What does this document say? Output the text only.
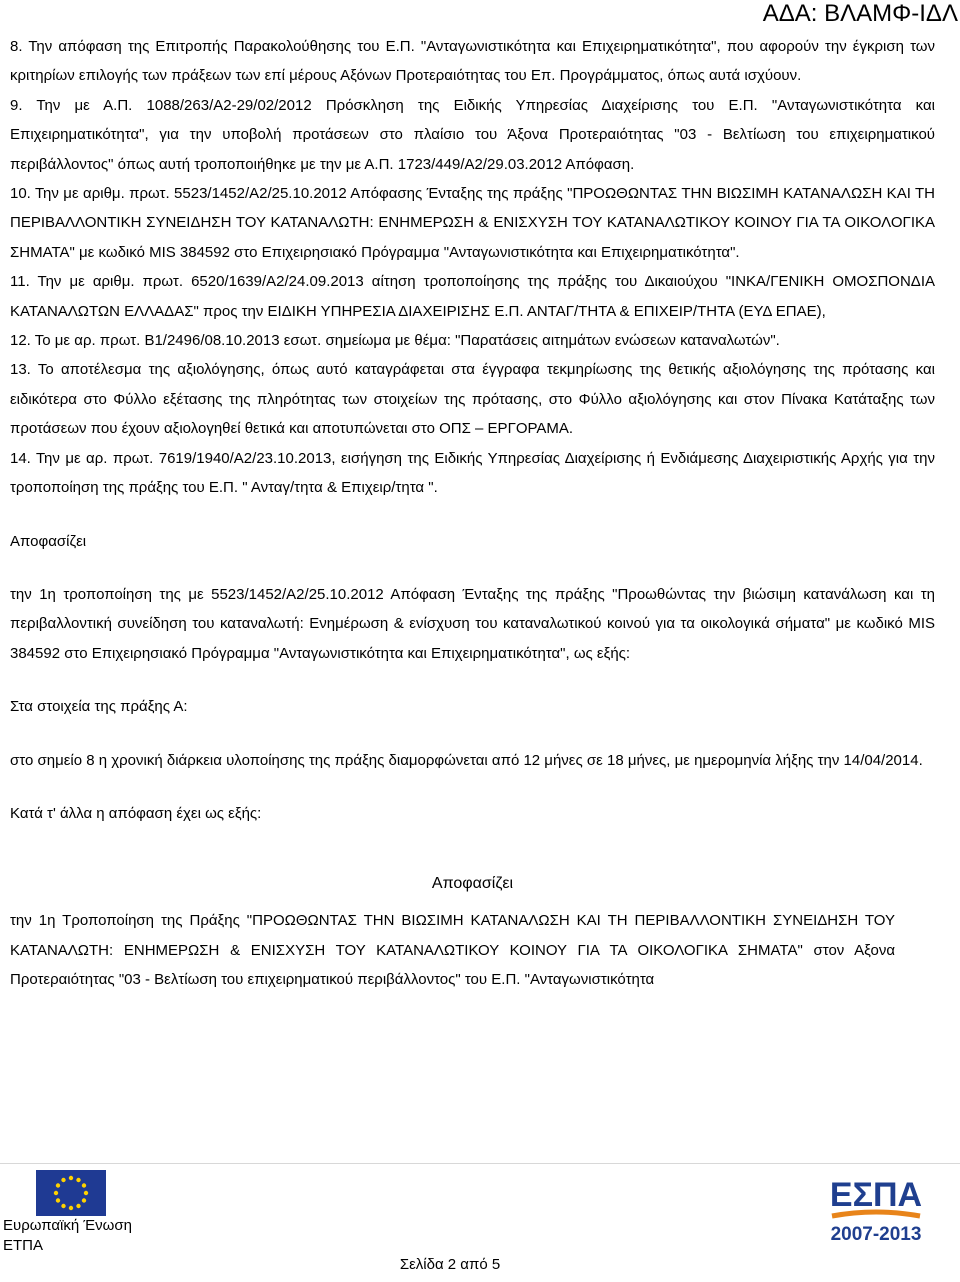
ΑΔΑ: ΒΛΑΜΦ-ΙΔΛ

8. Την απόφαση της Επιτροπής Παρακολούθησης του Ε.Π. "Ανταγωνιστικότητα και Επιχειρηματικότητα", που αφορούν την έγκριση των κριτηρίων επιλογής των πράξεων των επί μέρους Αξόνων Προτεραιότητας του Επ. Προγράμματος, όπως αυτά ισχύουν.

9. Την με Α.Π. 1088/263/Α2-29/02/2012 Πρόσκληση της Ειδικής Υπηρεσίας Διαχείρισης του Ε.Π. "Ανταγωνιστικότητα και Επιχειρηματικότητα", για την υποβολή προτάσεων στο πλαίσιο του Άξονα Προτεραιότητας "03 - Βελτίωση του επιχειρηματικού περιβάλλοντος" όπως αυτή τροποποιήθηκε με την με Α.Π. 1723/449/Α2/29.03.2012 Απόφαση.

10. Την με αριθμ. πρωτ. 5523/1452/Α2/25.10.2012 Απόφασης Ένταξης της πράξης "ΠΡΟΩΘΩΝΤΑΣ ΤΗΝ ΒΙΩΣΙΜΗ ΚΑΤΑΝΑΛΩΣΗ ΚΑΙ ΤΗ ΠΕΡΙΒΑΛΛΟΝΤΙΚΗ ΣΥΝΕΙΔΗΣΗ ΤΟΥ ΚΑΤΑΝΑΛΩΤΗ: ΕΝΗΜΕΡΩΣΗ & ΕΝΙΣΧΥΣΗ ΤΟΥ ΚΑΤΑΝΑΛΩΤΙΚΟΥ ΚΟΙΝΟΥ ΓΙΑ ΤΑ ΟΙΚΟΛΟΓΙΚΑ ΣΗΜΑΤΑ" με κωδικό MIS 384592 στο Επιχειρησιακό Πρόγραμμα "Ανταγωνιστικότητα και Επιχειρηματικότητα".

11. Την με αριθμ. πρωτ. 6520/1639/Α2/24.09.2013 αίτηση τροποποίησης της πράξης του Δικαιούχου "ΙΝΚΑ/ΓΕΝΙΚΗ ΟΜΟΣΠΟΝΔΙΑ ΚΑΤΑΝΑΛΩΤΩΝ ΕΛΛΑΔΑΣ" προς την ΕΙΔΙΚΗ ΥΠΗΡΕΣΙΑ ΔΙΑΧΕΙΡΙΣΗΣ Ε.Π. ΑΝΤΑΓ/ΤΗΤΑ & ΕΠΙΧΕΙΡ/ΤΗΤΑ (ΕΥΔ ΕΠΑΕ),

12. Το με αρ. πρωτ. Β1/2496/08.10.2013 εσωτ. σημείωμα με θέμα: "Παρατάσεις αιτημάτων ενώσεων καταναλωτών".

13. Το αποτέλεσμα της αξιολόγησης, όπως αυτό καταγράφεται στα έγγραφα τεκμηρίωσης της θετικής αξιολόγησης της πρότασης και ειδικότερα στο Φύλλο εξέτασης της πληρότητας των στοιχείων της πρότασης, στο Φύλλο αξιολόγησης και στον Πίνακα Κατάταξης των προτάσεων που έχουν αξιολογηθεί θετικά και αποτυπώνεται στο ΟΠΣ – ΕΡΓΟΡΑΜΑ.

14. Την με αρ. πρωτ. 7619/1940/Α2/23.10.2013, εισήγηση της Ειδικής Υπηρεσίας Διαχείρισης ή Ενδιάμεσης Διαχειριστικής Αρχής για την τροποποίηση της πράξης του Ε.Π. " Ανταγ/τητα & Επιχειρ/τητα ".

Αποφασίζει

την 1η τροποποίηση της με 5523/1452/Α2/25.10.2012 Απόφαση Ένταξης της πράξης "Προωθώντας την βιώσιμη κατανάλωση και τη περιβαλλοντική συνείδηση του καταναλωτή: Ενημέρωση & ενίσχυση του καταναλωτικού κοινού για τα οικολογικά σήματα" με κωδικό MIS 384592 στο Επιχειρησιακό Πρόγραμμα "Ανταγωνιστικότητα και Επιχειρηματικότητα", ως εξής:

Στα στοιχεία της πράξης Α:

στο σημείο 8 η χρονική διάρκεια υλοποίησης της πράξης διαμορφώνεται από 12 μήνες σε 18 μήνες, με ημερομηνία λήξης την 14/04/2014.

Κατά τ' άλλα η απόφαση έχει ως εξής:

Αποφασίζει

την 1η Τροποποίηση της Πράξης "ΠΡΟΩΘΩΝΤΑΣ ΤΗΝ ΒΙΩΣΙΜΗ ΚΑΤΑΝΑΛΩΣΗ ΚΑΙ ΤΗ ΠΕΡΙΒΑΛΛΟΝΤΙΚΗ ΣΥΝΕΙΔΗΣΗ ΤΟΥ ΚΑΤΑΝΑΛΩΤΗ: ΕΝΗΜΕΡΩΣΗ & ΕΝΙΣΧΥΣΗ ΤΟΥ ΚΑΤΑΝΑΛΩΤΙΚΟΥ ΚΟΙΝΟΥ ΓΙΑ ΤΑ ΟΙΚΟΛΟΓΙΚΑ ΣΗΜΑΤΑ" στον Αξονα Προτεραιότητας "03 - Βελτίωση του επιχειρηματικού περιβάλλοντος" του Ε.Π. "Ανταγωνιστικότητα

Ευρωπαϊκή Ένωση
ΕΤΠΑ
ΕΣΠΑ
2007-2013
Σελίδα 2 από 5
